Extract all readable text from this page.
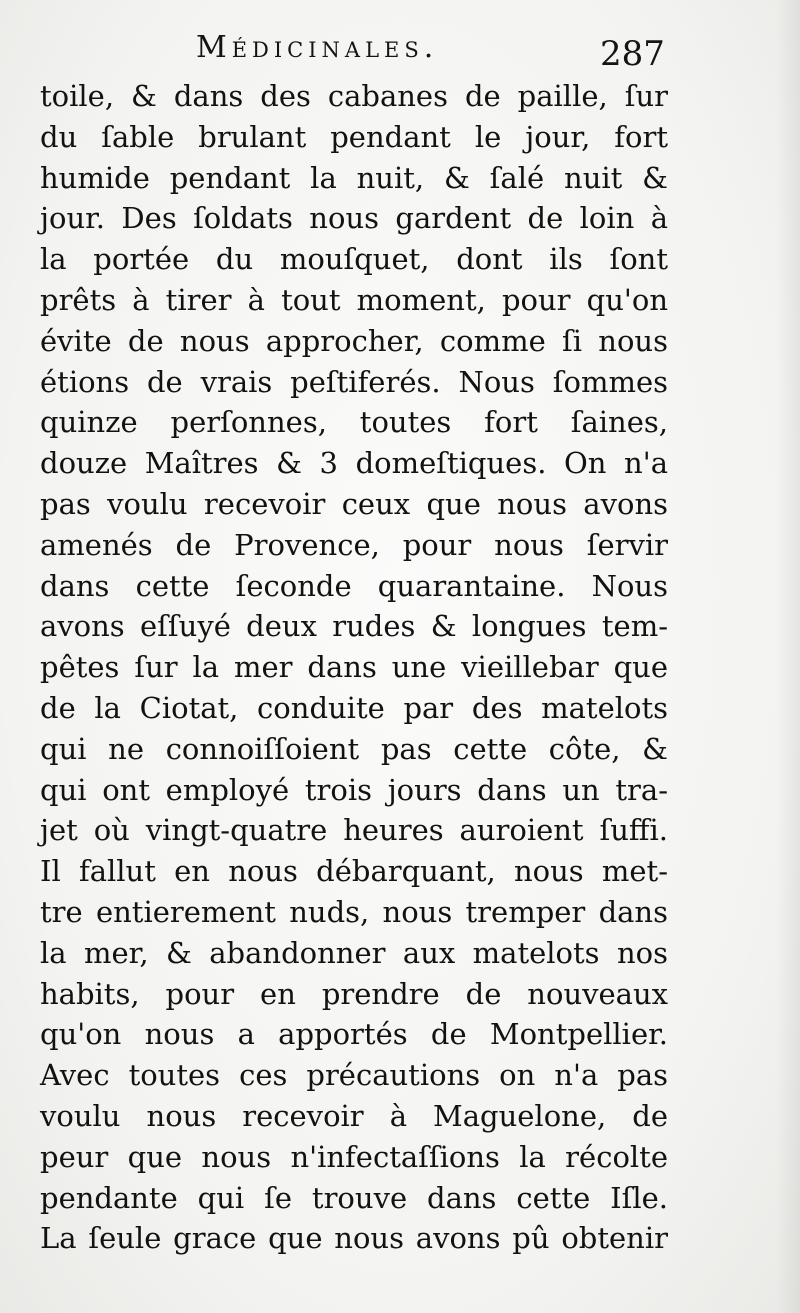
Médicinales.	287
toile, & dans des cabanes de paille, ſur
du ſable brulant pendant le jour, fort
humide pendant la nuit, & ſalé nuit &
jour. Des ſoldats nous gardent de loin à
la portée du mouſquet, dont ils ſont
prêts à tirer à tout moment, pour qu'on
évite de nous approcher, comme ſi nous
étions de vrais peſtiferés. Nous ſommes
quinze perſonnes, toutes fort ſaines,
douze Maîtres & 3 domeſtiques. On n'a
pas voulu recevoir ceux que nous avons
amenés de Provence, pour nous ſervir
dans cette ſeconde quarantaine. Nous
avons eſſuyé deux rudes & longues tem-
pêtes ſur la mer dans une vieillebar que
de la Ciotat, conduite par des matelots
qui ne connoiſſoient pas cette côte, &
qui ont employé trois jours dans un tra-
jet où vingt-quatre heures auroient ſuffi.
Il fallut en nous débarquant, nous met-
tre entierement nuds, nous tremper dans
la mer, & abandonner aux matelots nos
habits, pour en prendre de nouveaux
qu'on nous a apportés de Montpellier.
Avec toutes ces précautions on n'a pas
voulu nous recevoir à Maguelone, de
peur que nous n'infectaſſions la récolte
pendante qui ſe trouve dans cette Iſle.
La ſeule grace que nous avons pû obtenir
